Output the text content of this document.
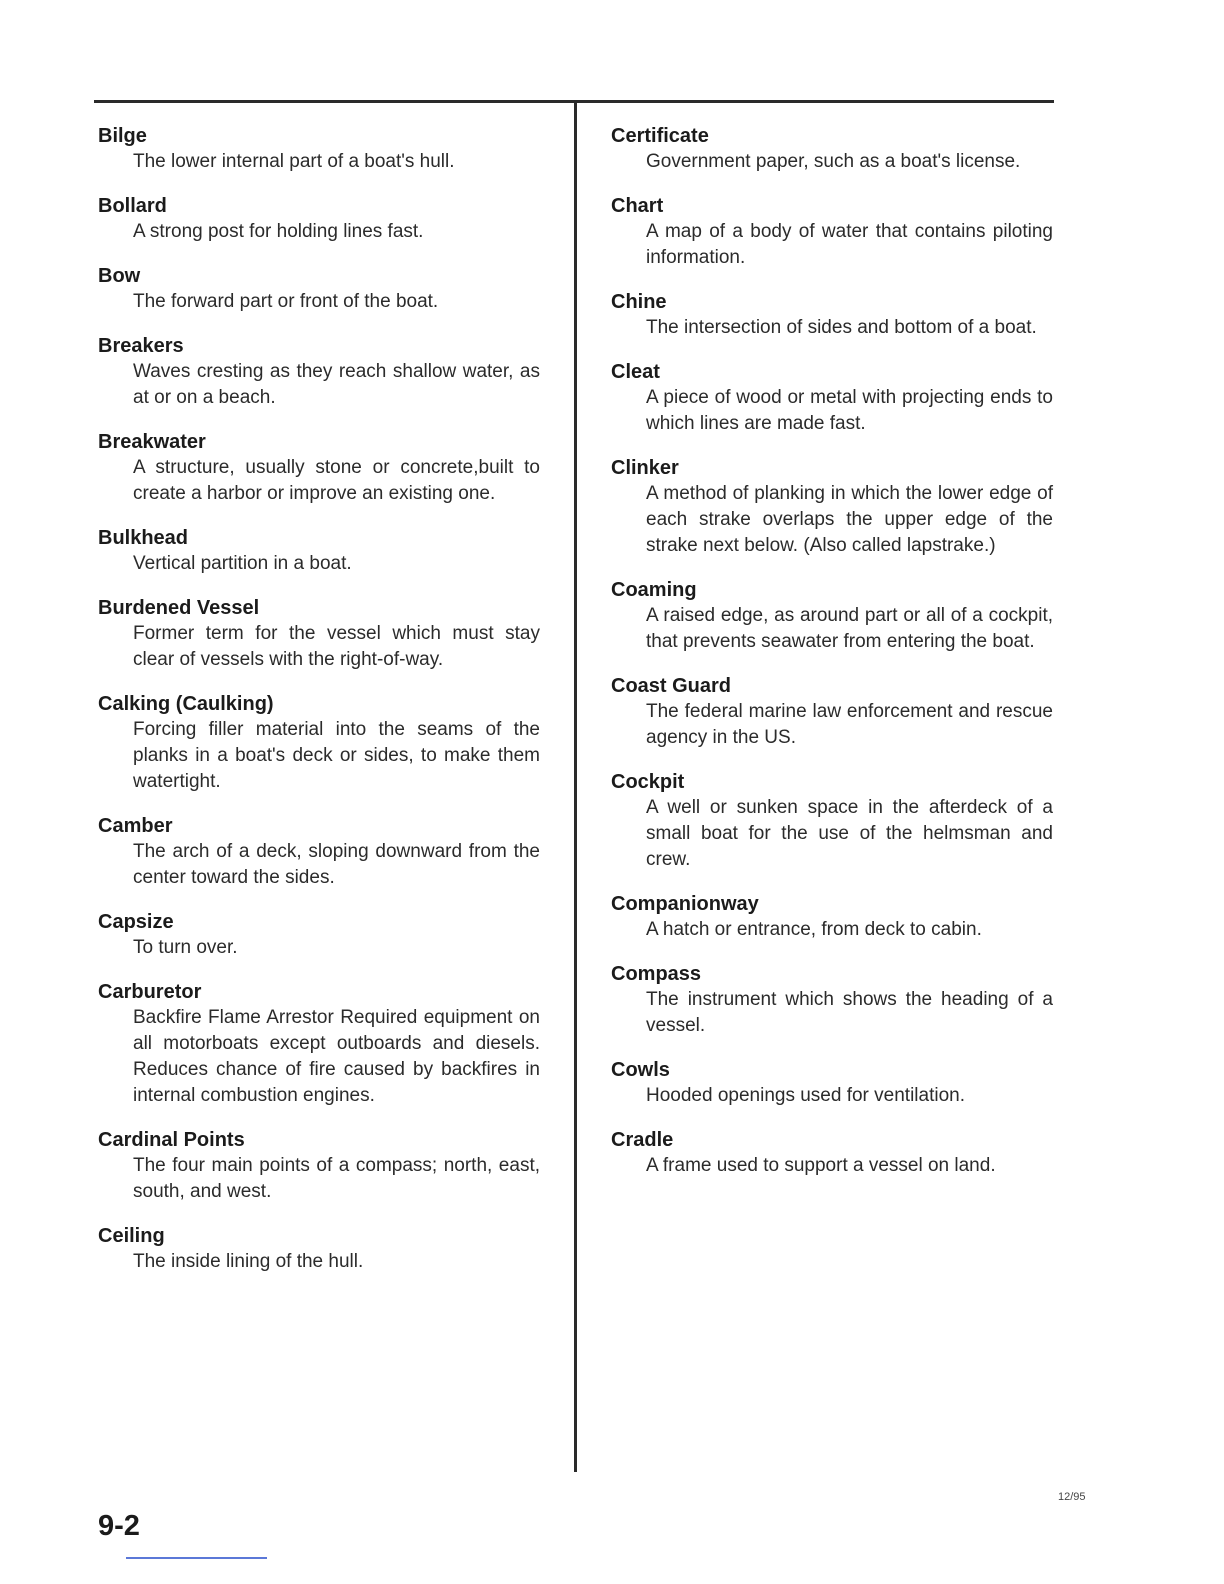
Bilge
The lower internal part of a boat's hull.
Bollard
A strong post for holding lines fast.
Bow
The forward part or front of the boat.
Breakers
Waves cresting as they reach shallow water, as at or on a beach.
Breakwater
A structure, usually stone or concrete,built to create a harbor or improve an existing one.
Bulkhead
Vertical partition in a boat.
Burdened Vessel
Former term for the vessel which must stay clear of vessels with the right-of-way.
Calking (Caulking)
Forcing filler material into the seams of the planks in a boat's deck or sides, to make them watertight.
Camber
The arch of a deck, sloping downward from the center toward the sides.
Capsize
To turn over.
Carburetor
Backfire Flame Arrestor Required equipment on all motorboats except outboards and diesels. Reduces chance of fire caused by backfires in internal combustion engines.
Cardinal Points
The four main points of a compass; north, east, south, and west.
Ceiling
The inside lining of the hull.
Certificate
Government paper, such as a boat's license.
Chart
A map of a body of water that contains piloting information.
Chine
The intersection of sides and bottom of a boat.
Cleat
A piece of wood or metal with projecting ends to which lines are made fast.
Clinker
A method of planking in which the lower edge of each strake overlaps the upper edge of the strake next below. (Also called lapstrake.)
Coaming
A raised edge, as around part or all of a cockpit, that prevents seawater from entering the boat.
Coast Guard
The federal marine law enforcement and rescue agency in the US.
Cockpit
A well or sunken space in the afterdeck of a small boat for the use of the helmsman and crew.
Companionway
A hatch or entrance, from deck to cabin.
Compass
The instrument which shows the heading of a vessel.
Cowls
Hooded openings used for ventilation.
Cradle
A frame used to support a vessel on land.
12/95
9-2
